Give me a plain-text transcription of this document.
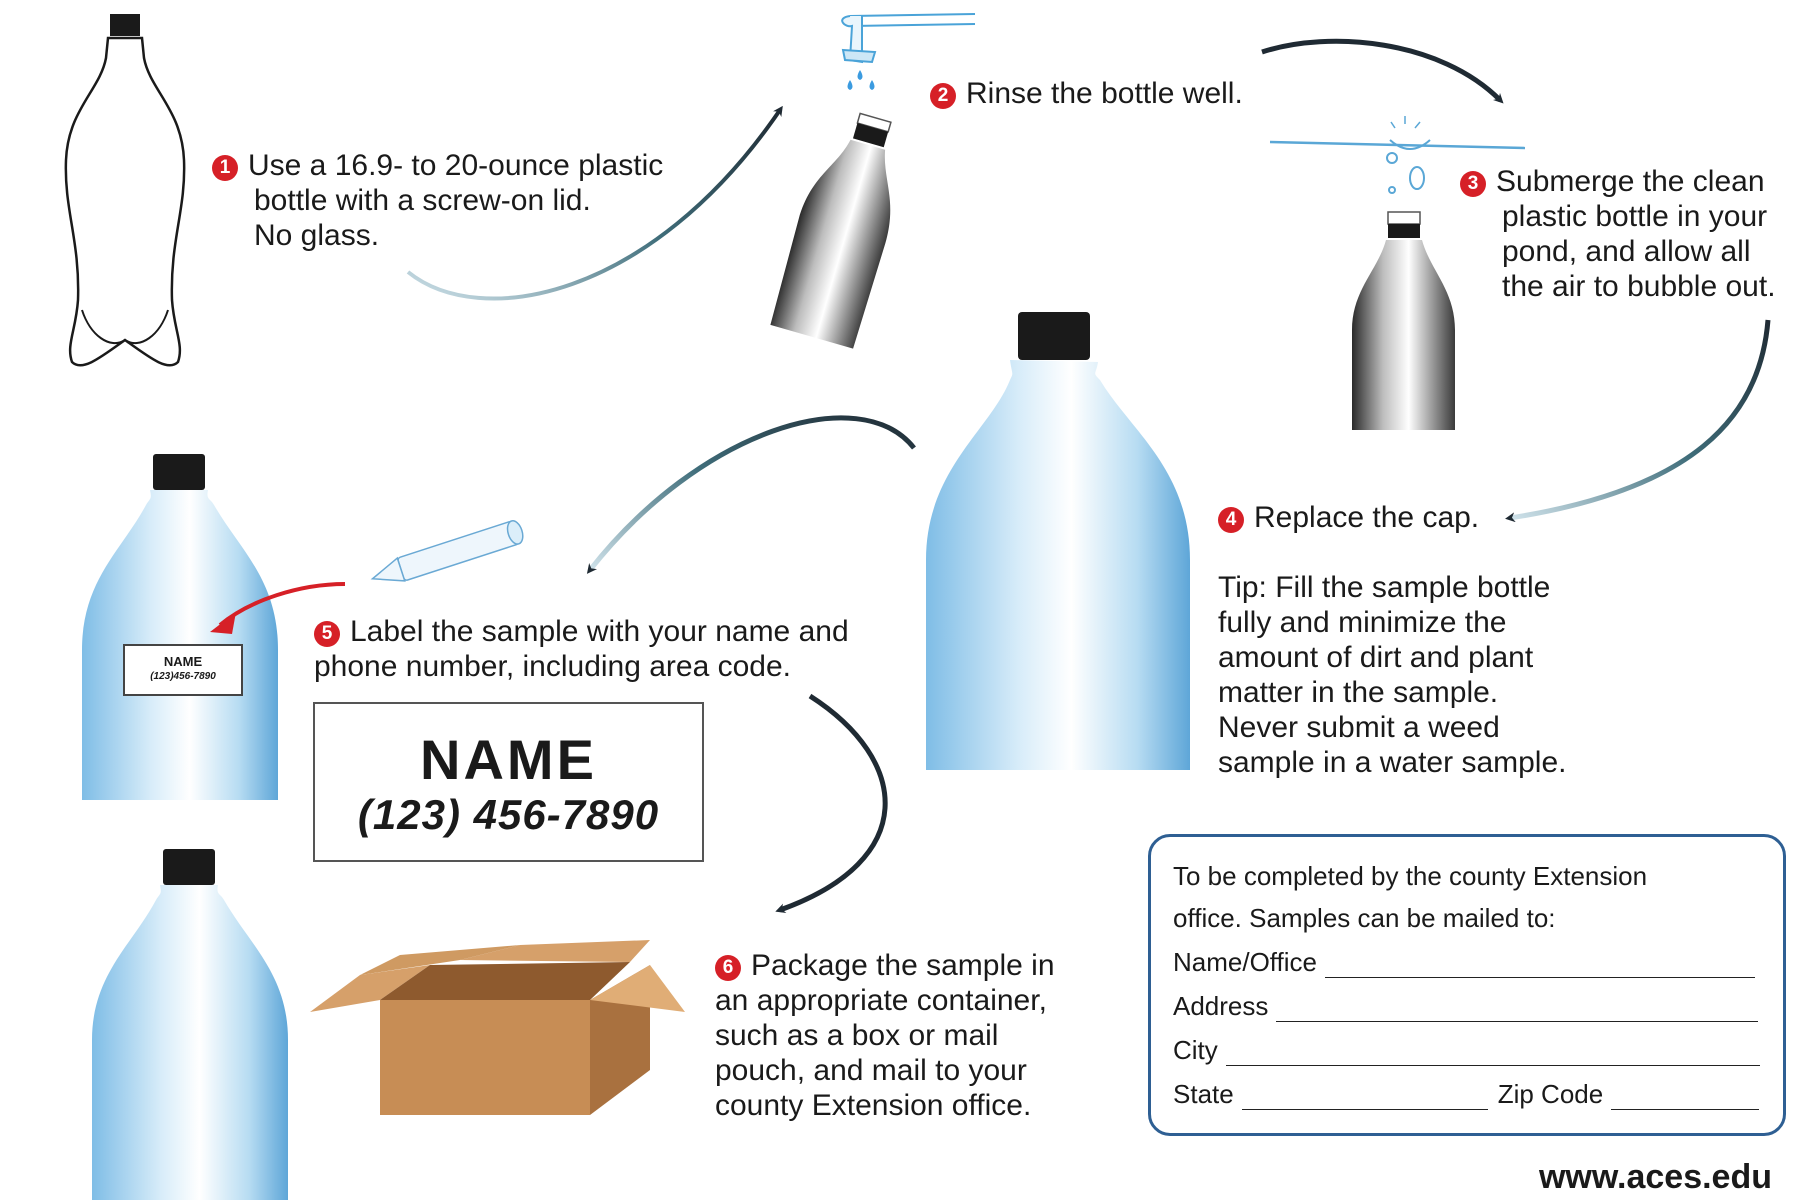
1 Use a 16.9- to 20-ounce plastic
bottle with a screw-on lid.
No glass.
2 Rinse the bottle well.
3 Submerge the clean
plastic bottle in your
pond, and allow all
the air to bubble out.
4 Replace the cap.
Tip: Fill the sample bottle
fully and minimize the
amount of dirt and plant
matter in the sample.
Never submit a weed
sample in a water sample.
5 Label the sample with your name and
phone number, including area code.
6 Package the sample in
an appropriate container,
such as a box or mail
pouch, and mail to your
county Extension office.
NAME
(123)456-7890
NAME
(123) 456-7890
To be completed by the county Extension
office. Samples can be mailed to:
Name/Office
Address
City
State	Zip Code
www.aces.edu
